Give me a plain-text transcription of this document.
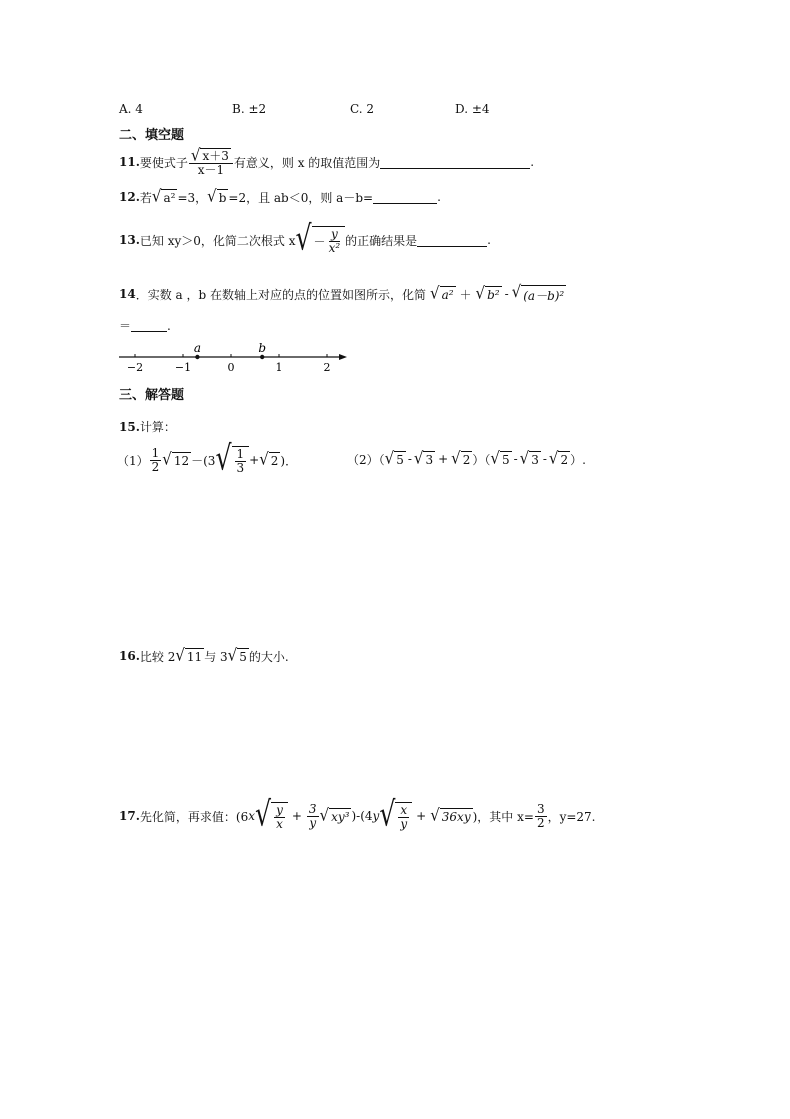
A. 4	B. ±2	C. 2	D. ±4
二、填空题
11. 要使式子 $\frac{√ x+3}{x-1}$ 有意义，则 x 的取值范围为	.
12. 若 √ a² =3， √ b =2，且 ab＜0，则 a－b=	.
13. 已知 xy＞0，化简二次根式 x √ － $\frac{y}{\text{x²}}$ 的正确结果是	.
14 ．实数 a ，b 在数轴上对应的点的位置如图所示，化简 √ a² ＋ √ b² - √ (a－b)²
＝	.
−2	−1	0	1	2
a	b
三、解答题
15. 计算：
$(1) \frac{1}{2}$ √ 12 －(3 √ $\frac{1}{3}$ + √ 2 )．	（2）（ √ 5 - √ 3 + √ 2 ）（ √ 5 - √ 3 - √ 2 ）.
16. 比较 2 √ 11 与 3 √ 5 的大小.
17. 先化简，再求值：(6 x √ $\frac{y}{x} + \frac{3}{y}$ √ xy³ )-(4 y √ $\frac{x}{y}$ + √ 36xy )，其中 $x= \frac{3}{2}$ ，y=27.
